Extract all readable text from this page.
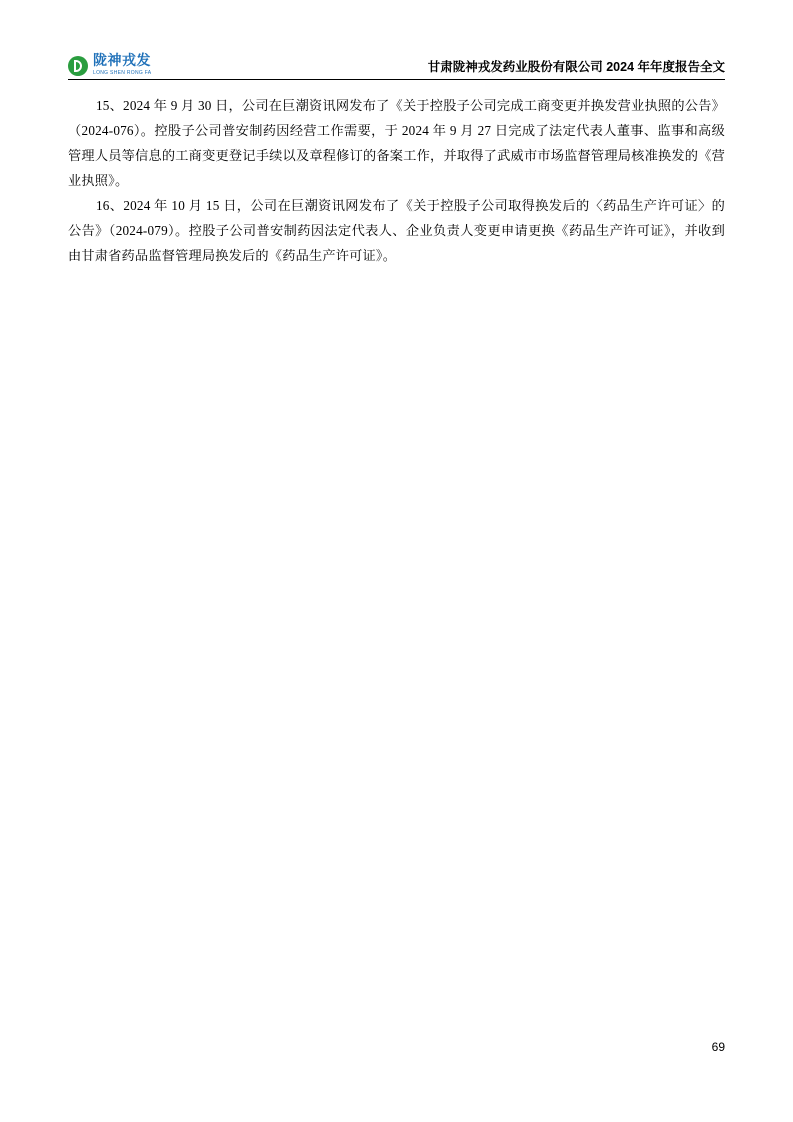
陇神戎发
LONG SHEN RONG FA	甘肃陇神戎发药业股份有限公司 2024 年年度报告全文

15、2024 年 9 月 30 日，公司在巨潮资讯网发布了《关于控股子公司完成工商变更并换发营业执照的公告》（2024-076）。控股子公司普安制药因经营工作需要，于 2024 年 9 月 27 日完成了法定代表人董事、监事和高级管理人员等信息的工商变更登记手续以及章程修订的备案工作，并取得了武威市市场监督管理局核准换发的《营业执照》。

16、2024 年 10 月 15 日，公司在巨潮资讯网发布了《关于控股子公司取得换发后的〈药品生产许可证〉的公告》（2024-079）。控股子公司普安制药因法定代表人、企业负责人变更申请更换《药品生产许可证》，并收到由甘肃省药品监督管理局换发后的《药品生产许可证》。

69
